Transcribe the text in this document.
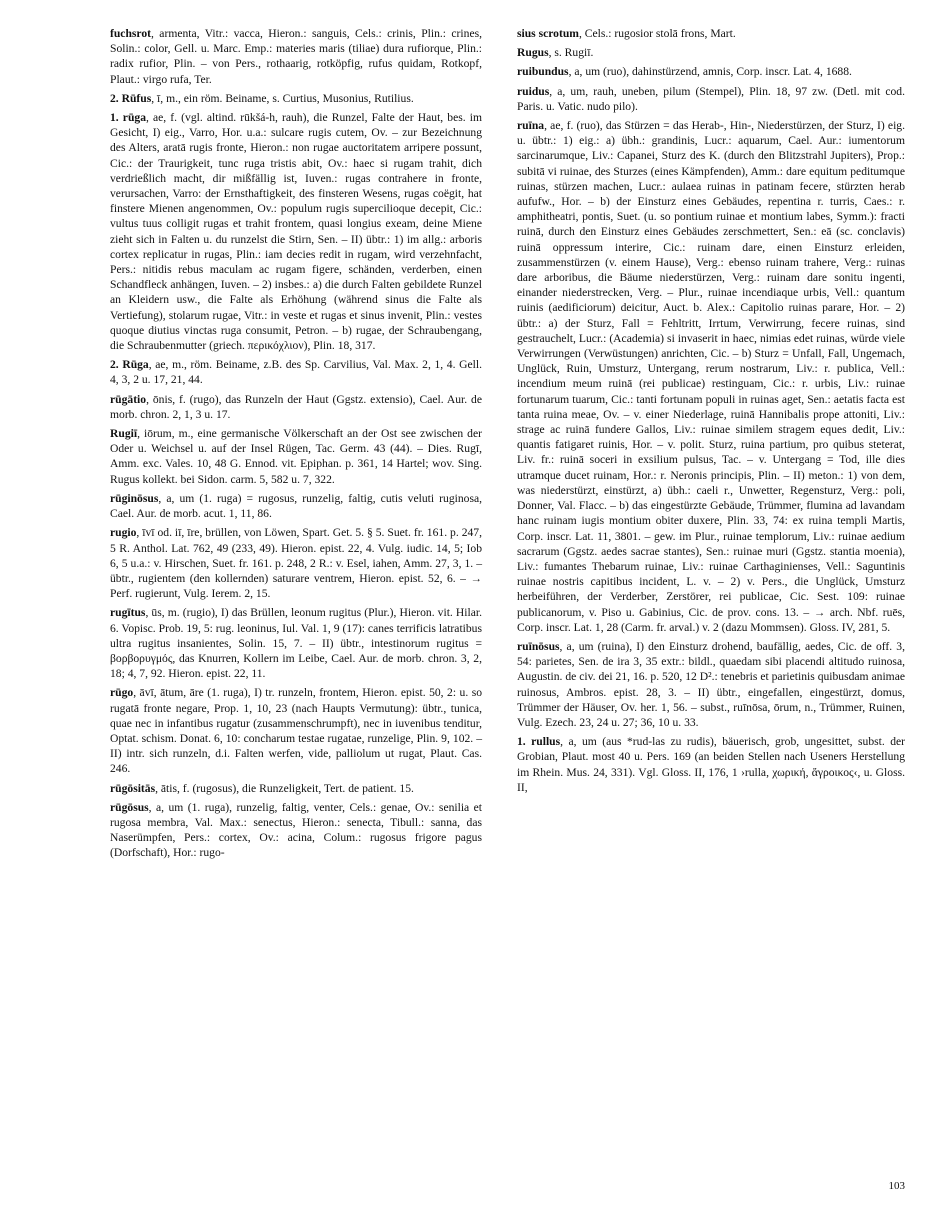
fuchsrot, armenta, Vitr.: vacca, Hieron.: sanguis, Cels.: crinis, Plin.: crines, Solin.: color, Gell. u. Marc. Emp.: materies maris (tiliae) dura rufiorque, Plin.: radix rufior, Plin. – von Pers., rothaarig, rotköpfig, rufus quidam, Rotkopf, Plaut.: virgo rufa, Ter.

2. Rūfus, ī, m., ein röm. Beiname, s. Curtius, Musonius, Rutilius.

1. rūga, ae, f. (vgl. altind. rūkšá-h, rauh), die Runzel, Falte der Haut, bes. im Gesicht, I) eig., Varro, Hor. u.a.: sulcare rugis cutem, Ov. – zur Bezeichnung des Alters, aratā rugis fronte, Hieron.: non rugae auctoritatem arripere possunt, Cic.: der Traurigkeit, tunc ruga tristis abit, Ov.: haec si rugam trahit, dich verdrießlich macht, dir mißfällig ist, Iuven.: rugas contrahere in fronte, verursachen, Varro: der Ernsthaftigkeit, des finsteren Wesens, rugas coëgit, hat finstere Mienen angenommen, Ov.: populum rugis supercilioque decepit, Cic.: vultus tuus colligit rugas et trahit frontem, quasi longius exeam, deine Miene zieht sich in Falten u. du runzelst die Stirn, Sen. – II) übtr.: 1) im allg.: arboris cortex replicatur in rugas, Plin.: iam decies redit in rugam, wird verzehnfacht, Pers.: nitidis rebus maculam ac rugam figere, schänden, verderben, einen Schandfleck anhängen, Iuven. – 2) insbes.: a) die durch Falten gebildete Runzel an Kleidern usw., die Falte als Erhöhung (während sinus die Falte als Vertiefung), stolarum rugae, Vitr.: in veste et rugas et sinus invenit, Plin.: vestes quoque diutius vinctas ruga consumit, Petron. – b) rugae, der Schraubengang, die Schraubenmutter (griech. περικόχλιον), Plin. 18, 317.

2. Rūga, ae, m., röm. Beiname, z.B. des Sp. Carvilius, Val. Max. 2, 1, 4. Gell. 4, 3, 2 u. 17, 21, 44.

rūgātio, ōnis, f. (rugo), das Runzeln der Haut (Ggstz. extensio), Cael. Aur. de morb. chron. 2, 1, 3 u. 17.

Rugiī, iōrum, m., eine germanische Völkerschaft an der Ost see zwischen der Oder u. Weichsel u. auf der Insel Rügen, Tac. Germ. 43 (44). – Dies. Rugī, Amm. exc. Vales. 10, 48 G. Ennod. vit. Epiphan. p. 361, 14 Hartel; wov. Sing. Rugus kollekt. bei Sidon. carm. 5, 582 u. 7, 322.

rūginōsus, a, um (1. ruga) = rugosus, runzelig, faltig, cutis veluti ruginosa, Cael. Aur. de morb. acut. 1, 11, 86.

rugio, īvī od. iī, īre, brüllen, von Löwen, Spart. Get. 5. § 5. Suet. fr. 161. p. 247, 5 R. Anthol. Lat. 762, 49 (233, 49). Hieron. epist. 22, 4. Vulg. iudic. 14, 5; Iob 6, 5 u.a.: v. Hirschen, Suet. fr. 161. p. 248, 2 R.: v. Esel, iahen, Amm. 27, 3, 1. – übtr., rugientem (den kollernden) saturare ventrem, Hieron. epist. 52, 6. – → Perf. rugierunt, Vulg. Ierem. 2, 15.

rugītus, ūs, m. (rugio), I) das Brüllen, leonum rugitus (Plur.), Hieron. vit. Hilar. 6. Vopisc. Prob. 19, 5: rug. leoninus, Iul. Val. 1, 9 (17): canes terrificis latratibus ultra rugitus insanientes, Solin. 15, 7. – II) übtr., intestinorum rugitus = βορβορυγμός, das Knurren, Kollern im Leibe, Cael. Aur. de morb. chron. 3, 2, 18; 4, 7, 92. Hieron. epist. 22, 11.

rūgo, āvī, ātum, āre (1. ruga), I) tr. runzeln, frontem, Hieron. epist. 50, 2: u. so rugatā fronte negare, Prop. 1, 10, 23 (nach Haupts Vermutung): übtr., tunica, quae nec in infantibus rugatur (zusammenschrumpft), nec in iuvenibus tenditur, Optat. schism. Donat. 6, 10: concharum testae rugatae, runzelige, Plin. 9, 102. – II) intr. sich runzeln, d.i. Falten werfen, vide, palliolum ut rugat, Plaut. Cas. 246.

rūgōsitās, ātis, f. (rugosus), die Runzeligkeit, Tert. de patient. 15.

rūgōsus, a, um (1. ruga), runzelig, faltig, venter, Cels.: genae, Ov.: senilia et rugosa membra, Val. Max.: senectus, Hieron.: senecta, Tibull.: sanna, das Naserümpfen, Pers.: cortex, Ov.: acina, Colum.: rugosus frigore pagus (Dorfschaft), Hor.: rugo-

sius scrotum, Cels.: rugosior stolā frons, Mart.

Rugus, s. Rugiī.

ruibundus, a, um (ruo), dahinstürzend, amnis, Corp. inscr. Lat. 4, 1688.

ruidus, a, um, rauh, uneben, pilum (Stempel), Plin. 18, 97 zw. (Detl. mit cod. Paris. u. Vatic. nudo pilo).

ruīna, ae, f. (ruo), das Stürzen = das Herab-, Hin-, Niederstürzen, der Sturz, I) eig. u. übtr.: 1) eig.: a) übh.: grandinis, Lucr.: aquarum, Cael. Aur.: iumentorum sarcinarumque, Liv.: Capanei, Sturz des K. (durch den Blitzstrahl Jupiters), Prop.: subitā vi ruinae, des Sturzes (eines Kämpfenden), Amm.: dare equitum peditumque ruinas, stürzen machen, Lucr.: aulaea ruinas in patinam fecere, stürzten herab aufufw., Hor. – b) der Einsturz eines Gebäudes, repentina r. turris, Caes.: r. amphitheatri, pontis, Suet. (u. so pontium ruinae et montium labes, Symm.): fracti ruinā, durch den Einsturz eines Gebäudes zerschmettert, Sen.: eā (sc. conclavis) ruinā oppressum interire, Cic.: ruinam dare, einen Einsturz erleiden, zusammenstürzen (v. einem Hause), Verg.: ebenso ruinam trahere, Verg.: ruinas dare arboribus, die Bäume niederstürzen, Verg.: ruinam dare sonitu ingenti, einander niederstrecken, Verg. – Plur., ruinae incendiaque urbis, Vell.: quantum ruinis (aedificiorum) deicitur, Auct. b. Alex.: Capitolio ruinas parare, Hor. – 2) übtr.: a) der Sturz, Fall = Fehltritt, Irrtum, Verwirrung, fecere ruinas, sind gestrauchelt, Lucr.: (Academia) si invaserit in haec, nimias edet ruinas, würde viele Verwirrungen (Verwüstungen) anrichten, Cic. – b) Sturz = Unfall, Fall, Ungemach, Unglück, Ruin, Umsturz, Untergang, rerum nostrarum, Liv.: r. publica, Vell.: incendium meum ruinā (rei publicae) restinguam, Cic.: r. urbis, Liv.: ruinae fortunarum tuarum, Cic.: tanti fortunam populi in ruinas aget, Sen.: aetatis facta est tanta ruina meae, Ov. – v. einer Niederlage, ruinā Hannibalis prope attoniti, Liv.: strage ac ruinā fundere Gallos, Liv.: ruinae similem stragem eques dedit, Liv.: quantis fatigaret ruinis, Hor. – v. polit. Sturz, ruina partium, pro quibus steterat, Liv. fr.: ruinā soceri in exsilium pulsus, Tac. – v. Untergang = Tod, ille dies utramque ducet ruinam, Hor.: r. Neronis principis, Plin. – II) meton.: 1) von dem, was niederstürzt, einstürzt, a) übh.: caeli r., Unwetter, Regensturz, Verg.: poli, Donner, Val. Flacc. – b) das eingestürzte Gebäude, Trümmer, flumina ad lavandam hanc ruinam iugis montium obiter duxere, Plin. 33, 74: ex ruina templi Martis, Corp. inscr. Lat. 11, 3801. – gew. im Plur., ruinae templorum, Liv.: ruinae aedium sacrarum (Ggstz. aedes sacrae stantes), Sen.: ruinae muri (Ggstz. stantia moenia), Liv.: fumantes Thebarum ruinae, Liv.: ruinae Carthaginienses, Vell.: Saguntinis ruinae nostris capitibus incident, L. v. – 2) v. Pers., die Unglück, Umsturz herbeiführen, der Verderber, Zerstörer, rei publicae, Cic. Sest. 109: ruinae publicanorum, v. Piso u. Gabinius, Cic. de prov. cons. 13. – → arch. Nbf. ruēs, Corp. inscr. Lat. 1, 28 (Carm. fr. arval.) v. 2 (dazu Mommsen). Gloss. IV, 281, 5.

ruīnōsus, a, um (ruina), I) den Einsturz drohend, baufällig, aedes, Cic. de off. 3, 54: parietes, Sen. de ira 3, 35 extr.: bildl., quaedam sibi placendi altitudo ruinosa, Augustin. de civ. dei 21, 16. p. 520, 12 D².: tenebris et parietinis quibusdam animae ruinosus, Ambros. epist. 28, 3. – II) übtr., eingefallen, eingestürzt, domus, Trümmer der Häuser, Ov. her. 1, 56. – subst., ruīnōsa, ōrum, n., Trümmer, Ruinen, Vulg. Ezech. 23, 24 u. 27; 36, 10 u. 33.

1. rullus, a, um (aus *rud-las zu rudis), bäuerisch, grob, ungesittet, subst. der Grobian, Plaut. most 40 u. Pers. 169 (an beiden Stellen nach Useners Herstellung im Rhein. Mus. 24, 331). Vgl. Gloss. II, 176, 1 ›rulla, χωρική, ἄγροικος‹, u. Gloss. II,

103
